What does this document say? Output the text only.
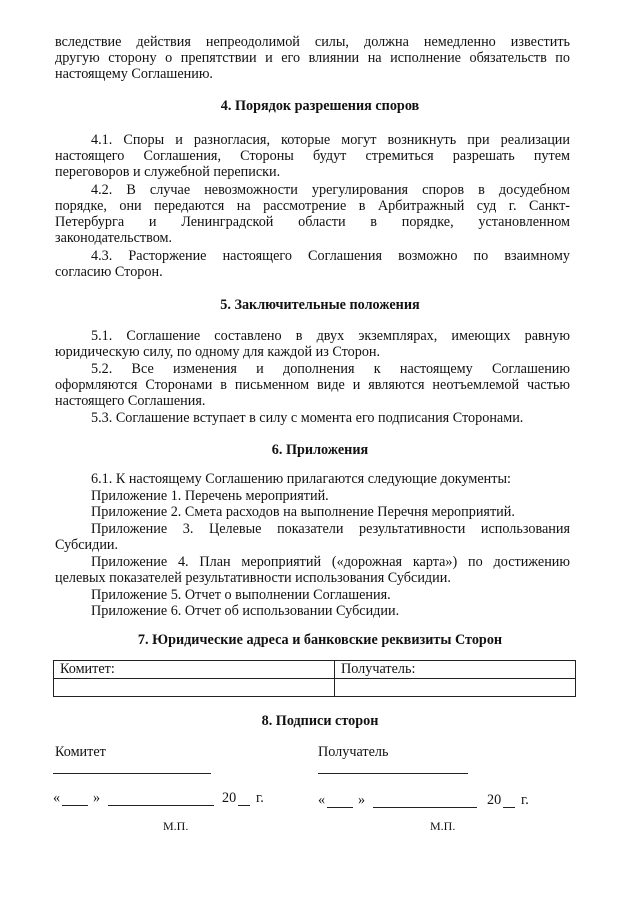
вследствие действия непреодолимой силы, должна немедленно известить
другую сторону о препятствии и его влиянии на исполнение обязательств по
настоящему Соглашению.
4. Порядок разрешения споров
4.1. Споры и разногласия, которые могут возникнуть при реализации
настоящего Соглашения, Стороны будут стремиться разрешать путем
переговоров и служебной переписки.
4.2. В случае невозможности урегулирования споров в досудебном
порядке, они передаются на рассмотрение в Арбитражный суд г. Санкт-
Петербурга и Ленинградской области в порядке, установленном
законодательством.
4.3. Расторжение настоящего Соглашения возможно по взаимному
согласию Сторон.
5. Заключительные положения
5.1. Соглашение составлено в двух экземплярах, имеющих равную
юридическую силу, по одному для каждой из Сторон.
5.2. Все изменения и дополнения к настоящему Соглашению
оформляются Сторонами в письменном виде и являются неотъемлемой частью
настоящего Соглашения.
5.3. Соглашение вступает в силу с момента его подписания Сторонами.
6. Приложения
6.1. К настоящему Соглашению прилагаются следующие документы:
Приложение 1. Перечень мероприятий.
Приложение 2. Смета расходов на выполнение Перечня мероприятий.
Приложение 3. Целевые показатели результативности использования
Субсидии.
Приложение 4. План мероприятий («дорожная карта») по достижению
целевых показателей результативности использования Субсидии.
Приложение 5. Отчет о выполнении Соглашения.
Приложение 6. Отчет об использовании Субсидии.
7. Юридические адреса и банковские реквизиты Сторон
Комитет:	Получатель:

8. Подписи сторон
Комитет
« »	20 г.
М.П.
Получатель
« »	20 г.
М.П.
